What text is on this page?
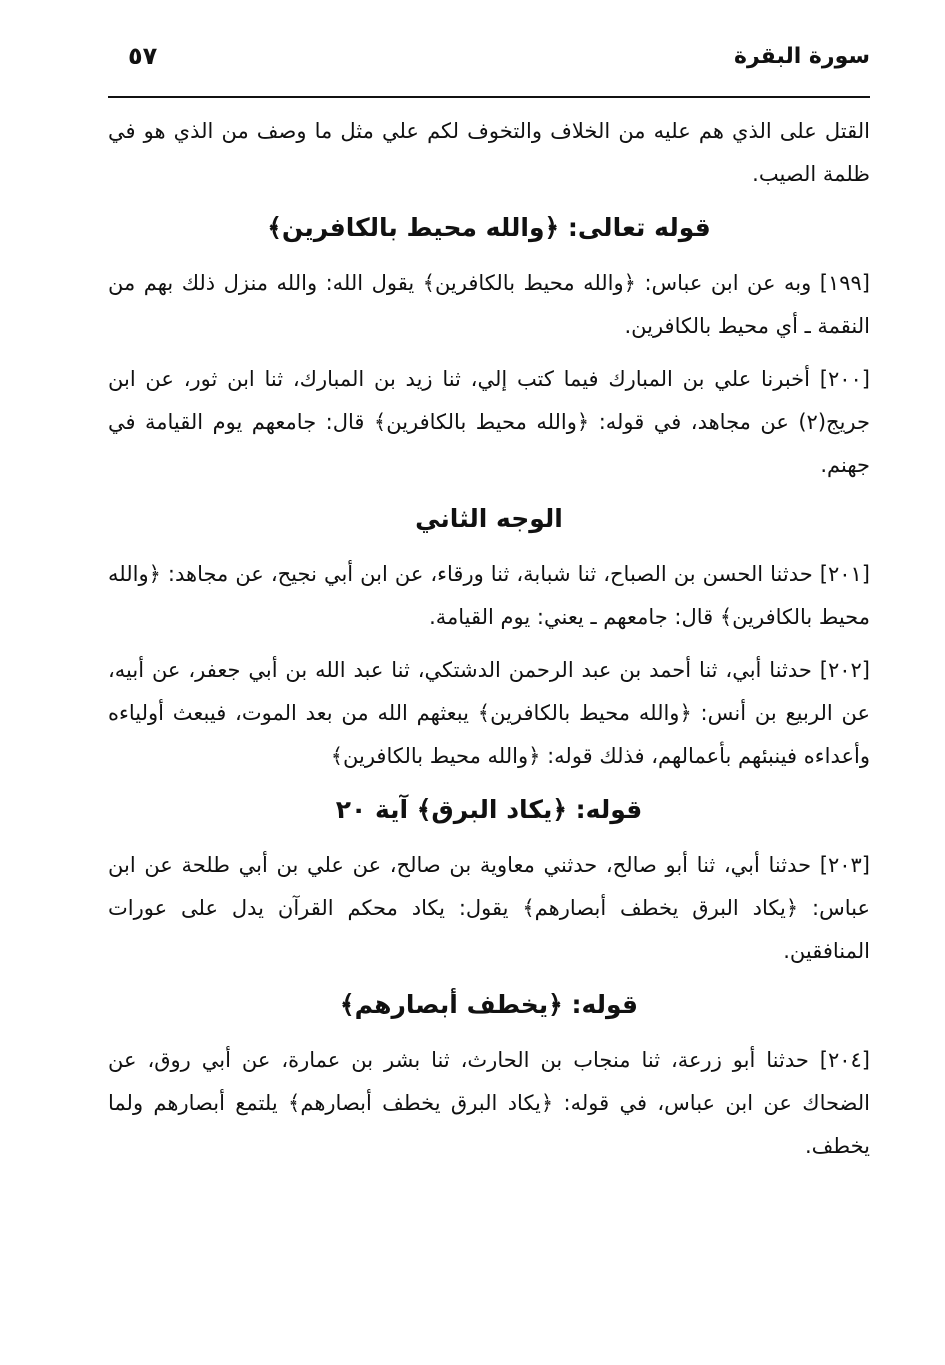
سورة البقرة
٥٧

القتل على الذي هم عليه من الخلاف والتخوف لكم علي مثل ما وصف من الذي هو في ظلمة الصيب.

قوله تعالى: ﴿والله محيط بالكافرين﴾

[١٩٩] وبه عن ابن عباس: ﴿والله محيط بالكافرين﴾ يقول الله: والله منزل ذلك بهم من النقمة ـ أي محيط بالكافرين.

[٢٠٠] أخبرنا علي بن المبارك فيما كتب إلي، ثنا زيد بن المبارك، ثنا ابن ثور، عن ابن جريج(٢) عن مجاهد، في قوله: ﴿والله محيط بالكافرين﴾ قال: جامعهم يوم القيامة في جهنم.

الوجه الثاني

[٢٠١] حدثنا الحسن بن الصباح، ثنا شبابة، ثنا ورقاء، عن ابن أبي نجيح، عن مجاهد: ﴿والله محيط بالكافرين﴾ قال: جامعهم ـ يعني: يوم القيامة.

[٢٠٢] حدثنا أبي، ثنا أحمد بن عبد الرحمن الدشتكي، ثنا عبد الله بن أبي جعفر، عن أبيه، عن الربيع بن أنس: ﴿والله محيط بالكافرين﴾ يبعثهم الله من بعد الموت، فيبعث أولياءه وأعداءه فينبئهم بأعمالهم، فذلك قوله: ﴿والله محيط بالكافرين﴾

قوله: ﴿يكاد البرق﴾ آية ٢٠

[٢٠٣] حدثنا أبي، ثنا أبو صالح، حدثني معاوية بن صالح، عن علي بن أبي طلحة عن ابن عباس: ﴿يكاد البرق يخطف أبصارهم﴾ يقول: يكاد محكم القرآن يدل على عورات المنافقين.

قوله: ﴿يخطف أبصارهم﴾

[٢٠٤] حدثنا أبو زرعة، ثنا منجاب بن الحارث، ثنا بشر بن عمارة، عن أبي روق، عن الضحاك عن ابن عباس، في قوله: ﴿يكاد البرق يخطف أبصارهم﴾ يلتمع أبصارهم ولما يخطف.
